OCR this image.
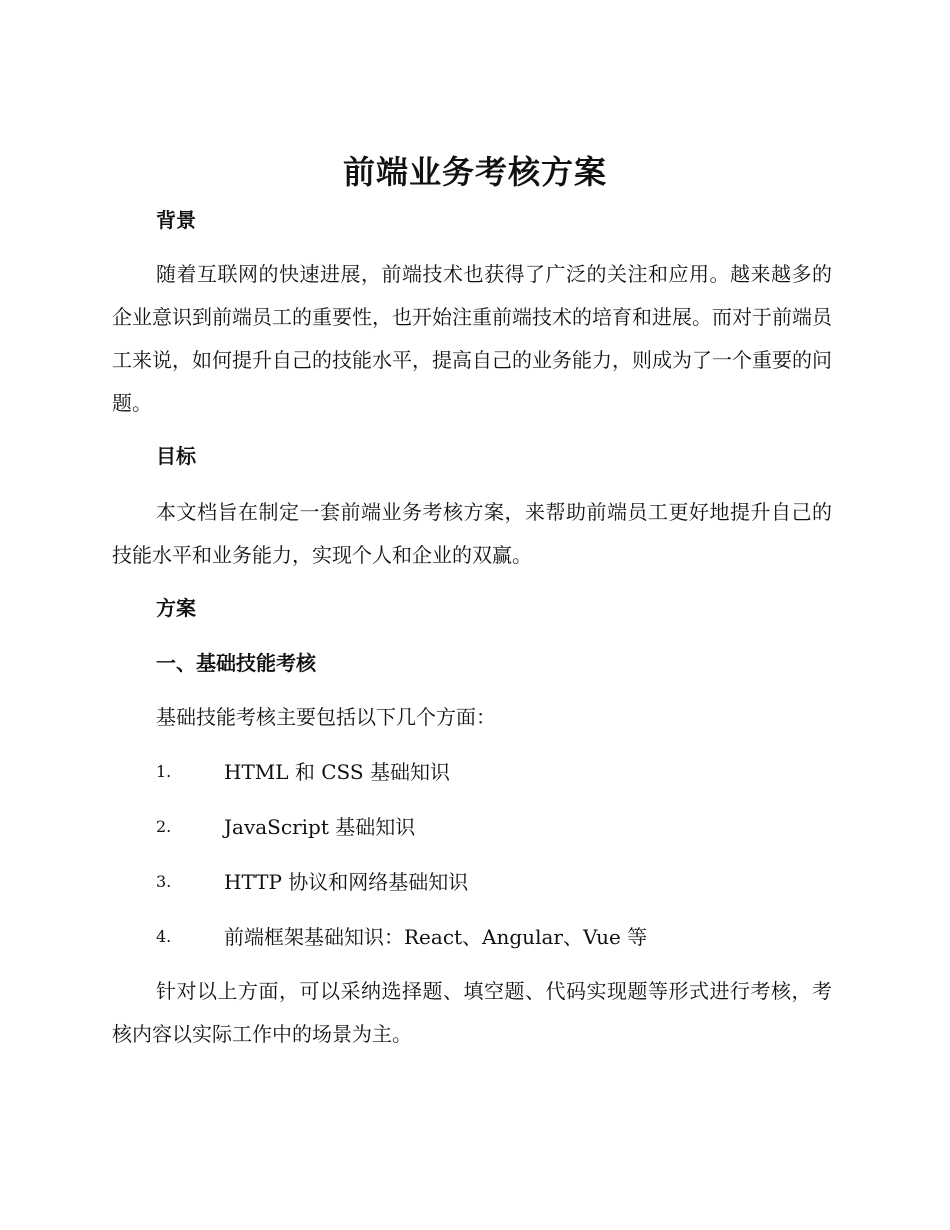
前端业务考核方案
背景
随着互联网的快速进展，前端技术也获得了广泛的关注和应用。越来越多的企业意识到前端员工的重要性，也开始注重前端技术的培育和进展。而对于前端员工来说，如何提升自己的技能水平，提高自己的业务能力，则成为了一个重要的问题。
目标
本文档旨在制定一套前端业务考核方案，来帮助前端员工更好地提升自己的技能水平和业务能力，实现个人和企业的双赢。
方案
一、基础技能考核
基础技能考核主要包括以下几个方面：
1.	HTML 和 CSS 基础知识
2.	JavaScript 基础知识
3.	HTTP 协议和网络基础知识
4.	前端框架基础知识：React、Angular、Vue 等
针对以上方面，可以采纳选择题、填空题、代码实现题等形式进行考核，考核内容以实际工作中的场景为主。
